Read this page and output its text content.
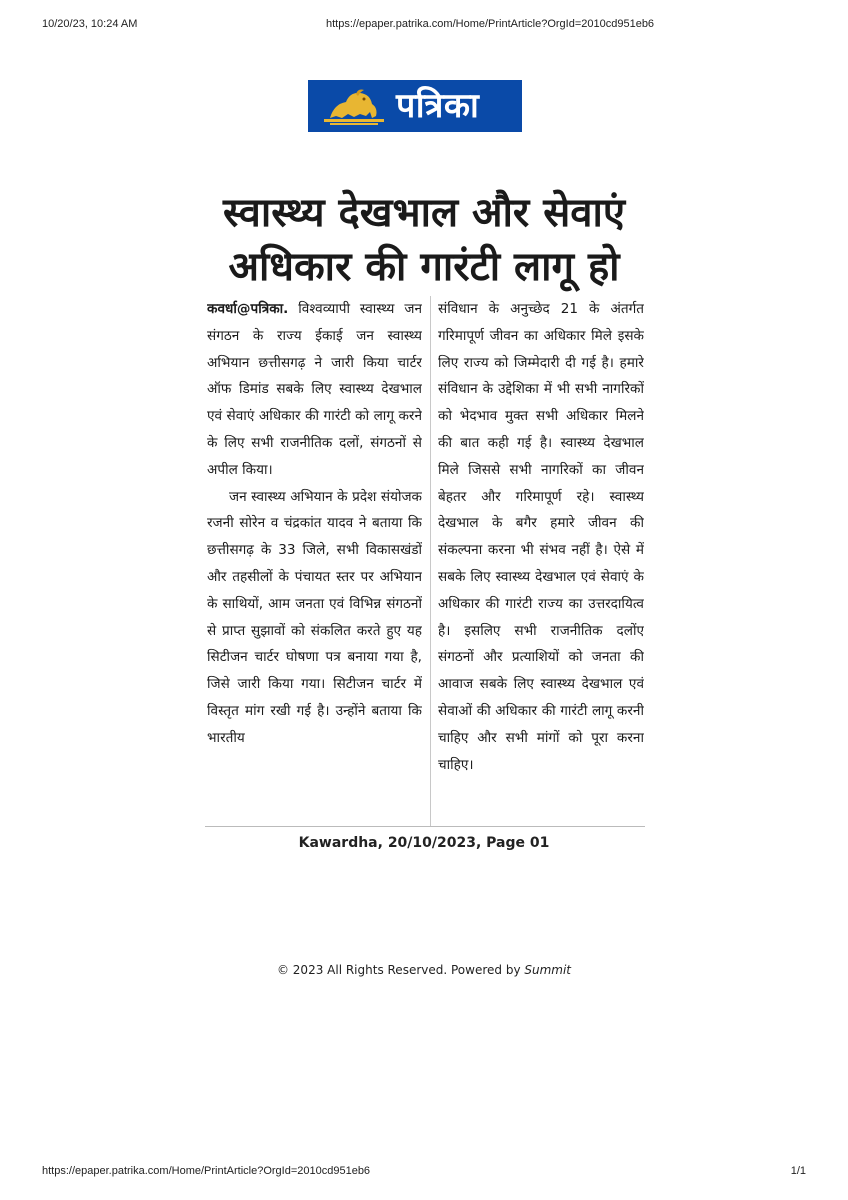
10/20/23, 10:24 AM	https://epaper.patrika.com/Home/PrintArticle?OrgId=2010cd951eb6
पत्रिका
स्वास्थ्य देखभाल और सेवाएं
अधिकार की गारंटी लागू हो

कवर्धा@पत्रिका. विश्वव्यापी स्वास्थ्य जन संगठन के राज्य ईकाई जन स्वास्थ्य अभियान छत्तीसगढ़ ने जारी किया चार्टर ऑफ डिमांड सबके लिए स्वास्थ्य देखभाल एवं सेवाएं अधिकार की गारंटी को लागू करने के लिए सभी राजनीतिक दलों, संगठनों से अपील किया।

जन स्वास्थ्य अभियान के प्रदेश संयोजक रजनी सोरेन व चंद्रकांत यादव ने बताया कि छत्तीसगढ़ के 33 जिले, सभी विकासखंडों और तहसीलों के पंचायत स्तर पर अभियान के साथियों, आम जनता एवं विभिन्न संगठनों से प्राप्त सुझावों को संकलित करते हुए यह सिटीजन चार्टर घोषणा पत्र बनाया गया है, जिसे जारी किया गया। सिटीजन चार्टर में विस्तृत मांग रखी गई है। उन्होंने बताया कि भारतीय

संविधान के अनुच्छेद 21 के अंतर्गत गरिमापूर्ण जीवन का अधिकार मिले इसके लिए राज्य को जिम्मेदारी दी गई है। हमारे संविधान के उद्देशिका में भी सभी नागरिकों को भेदभाव मुक्त सभी अधिकार मिलने की बात कही गई है। स्वास्थ्य देखभाल मिले जिससे सभी नागरिकों का जीवन बेहतर और गरिमापूर्ण रहे। स्वास्थ्य देखभाल के बगैर हमारे जीवन की संकल्पना करना भी संभव नहीं है। ऐसे में सबके लिए स्वास्थ्य देखभाल एवं सेवाएं के अधिकार की गारंटी राज्य का उत्तरदायित्व है। इसलिए सभी राजनीतिक दलोंए संगठनों और प्रत्याशियों को जनता की आवाज सबके लिए स्वास्थ्य देखभाल एवं सेवाओं की अधिकार की गारंटी लागू करनी चाहिए और सभी मांगों को पूरा करना चाहिए।

Kawardha, 20/10/2023, Page 01
© 2023 All Rights Reserved. Powered by Summit
https://epaper.patrika.com/Home/PrintArticle?OrgId=2010cd951eb6	1/1
